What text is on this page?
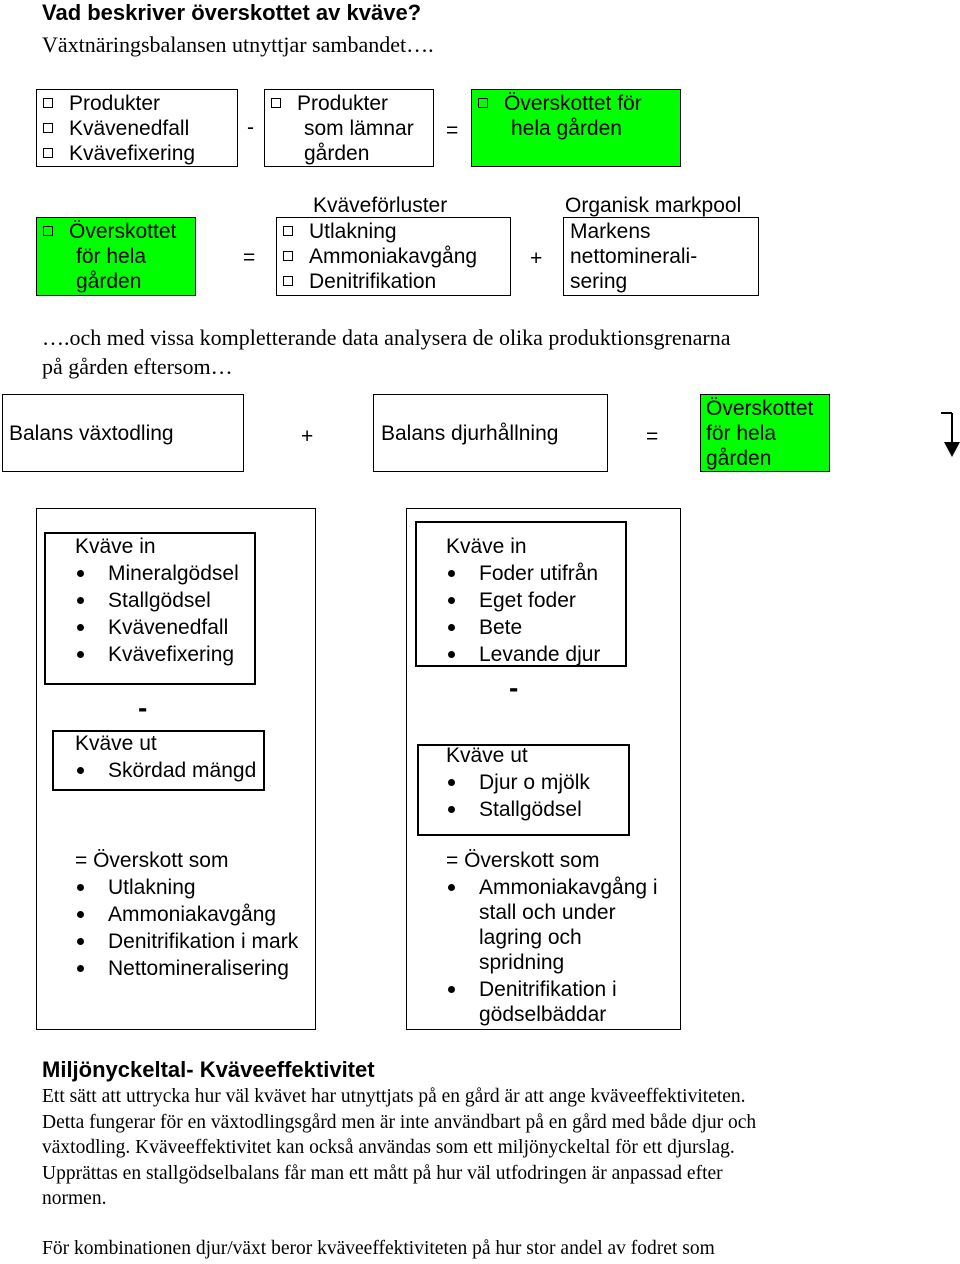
Vad beskriver överskottet av kväve?
Växtnäringsbalansen utnyttjar sambandet….
Produkter
Kvävenedfall
Kvävefixering
-
Produkter
som lämnar
gården
=
Överskottet för
hela gården
Överskottet
för hela
gården
=
Kväveförluster
Utlakning
Ammoniakavgång
Denitrifikation
+
Organisk markpool
Markens
nettominerali-
sering
….och med vissa kompletterande data analysera de olika produktionsgrenarna
på gården eftersom…
Balans växtodling	+	Balans djurhållning	=
Överskottet
för hela
gården
Kväve in
Mineralgödsel
Stallgödsel
Kvävenedfall
Kvävefixering
-
Kväve ut
Skördad mängd
= Överskott som
Utlakning
Ammoniakavgång
Denitrifikation i mark
Nettomineralisering
Kväve in
Foder utifrån
Eget foder
Bete
Levande djur
-
Kväve ut
Djur o mjölk
Stallgödsel
= Överskott som
Ammoniakavgång i
stall och under
lagring och
spridning
Denitrifikation i
gödselbäddar
Miljönyckeltal- Kväveeffektivitet
Ett sätt att uttrycka hur väl kvävet har utnyttjats på en gård är att ange kväveeffektiviteten.
Detta fungerar för en växtodlingsgård men är inte användbart på en gård med både djur och
växtodling. Kväveeffektivitet kan också användas som ett miljönyckeltal för ett djurslag.
Upprättas en stallgödselbalans får man ett mått på hur väl utfodringen är anpassad efter
normen.
För kombinationen djur/växt beror kväveeffektiviteten på hur stor andel av fodret som
